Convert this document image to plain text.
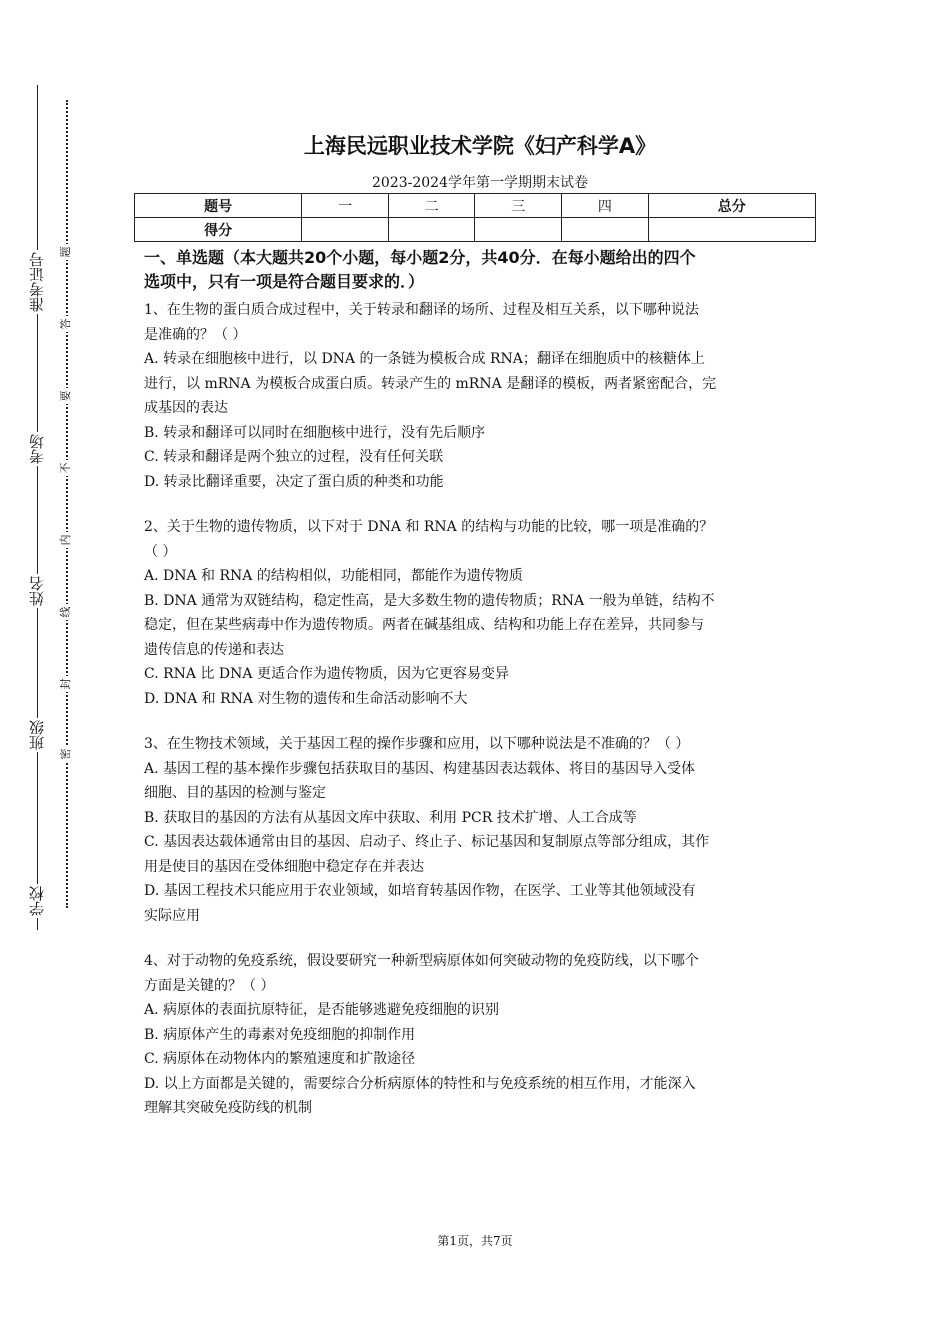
准考证号
考场
姓名
班级
学校
题
答
要
不
内
线
封
密
上海民远职业技术学院《妇产科学A》
2023-2024学年第一学期期末试卷
题号	一	二	三	四	总分
得分					
一、单选题（本大题共20个小题，每小题2分，共40分．在每小题给出的四个
选项中，只有一项是符合题目要求的．）

1、在生物的蛋白质合成过程中，关于转录和翻译的场所、过程及相互关系，以下哪种说法

是准确的？（ ）

A. 转录在细胞核中进行，以 DNA 的一条链为模板合成 RNA；翻译在细胞质中的核糖体上

进行，以 mRNA 为模板合成蛋白质。转录产生的 mRNA 是翻译的模板，两者紧密配合，完

成基因的表达

B. 转录和翻译可以同时在细胞核中进行，没有先后顺序

C. 转录和翻译是两个独立的过程，没有任何关联

D. 转录比翻译重要，决定了蛋白质的种类和功能

2、关于生物的遗传物质，以下对于 DNA 和 RNA 的结构与功能的比较，哪一项是准确的？

（ ）

A. DNA 和 RNA 的结构相似，功能相同，都能作为遗传物质

B. DNA 通常为双链结构，稳定性高，是大多数生物的遗传物质；RNA 一般为单链，结构不

稳定，但在某些病毒中作为遗传物质。两者在碱基组成、结构和功能上存在差异，共同参与

遗传信息的传递和表达

C. RNA 比 DNA 更适合作为遗传物质，因为它更容易变异

D. DNA 和 RNA 对生物的遗传和生命活动影响不大

3、在生物技术领域，关于基因工程的操作步骤和应用，以下哪种说法是不准确的？（ ）

A. 基因工程的基本操作步骤包括获取目的基因、构建基因表达载体、将目的基因导入受体

细胞、目的基因的检测与鉴定

B. 获取目的基因的方法有从基因文库中获取、利用 PCR 技术扩增、人工合成等

C. 基因表达载体通常由目的基因、启动子、终止子、标记基因和复制原点等部分组成，其作

用是使目的基因在受体细胞中稳定存在并表达

D. 基因工程技术只能应用于农业领域，如培育转基因作物，在医学、工业等其他领域没有

实际应用

4、对于动物的免疫系统，假设要研究一种新型病原体如何突破动物的免疫防线，以下哪个

方面是关键的？（ ）

A. 病原体的表面抗原特征，是否能够逃避免疫细胞的识别

B. 病原体产生的毒素对免疫细胞的抑制作用

C. 病原体在动物体内的繁殖速度和扩散途径

D. 以上方面都是关键的，需要综合分析病原体的特性和与免疫系统的相互作用，才能深入

理解其突破免疫防线的机制

第1页，共7页
